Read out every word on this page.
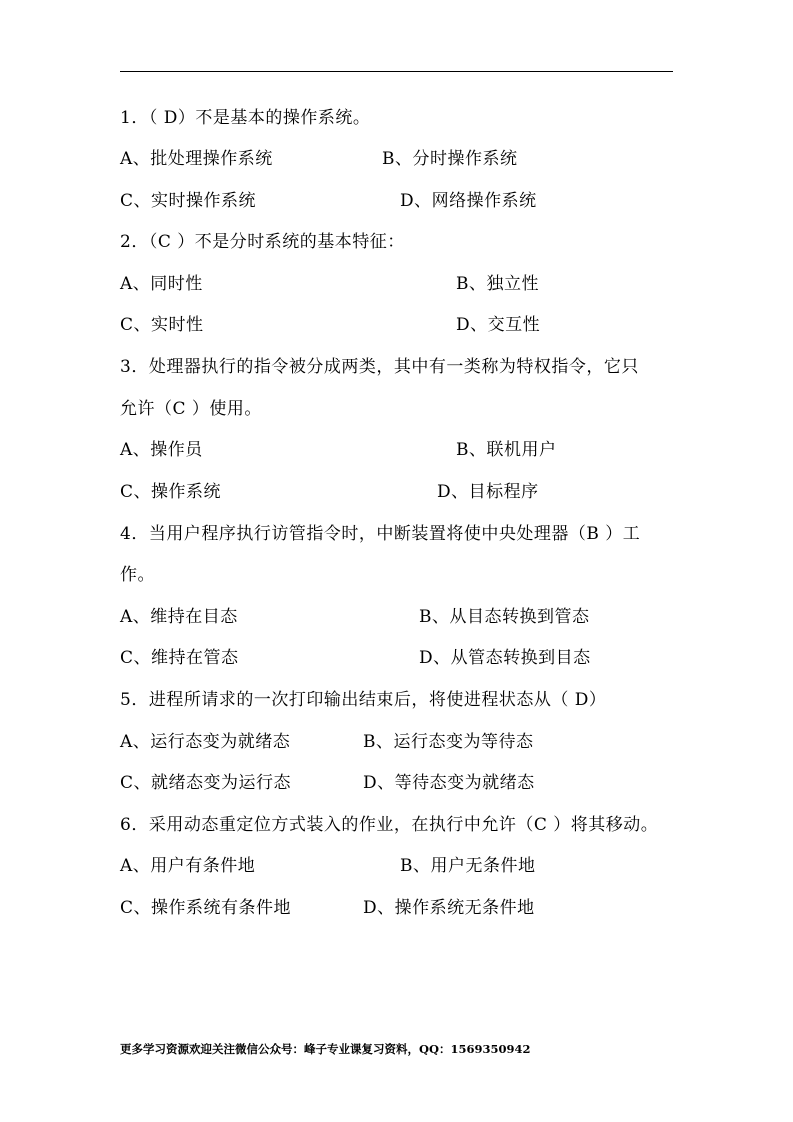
1．（ D）不是基本的操作系统。
A、批处理操作系统	B、分时操作系统
C、实时操作系统	D、网络操作系统
2．（C ）不是分时系统的基本特征：
A、同时性	B、独立性
C、实时性	D、交互性
3．处理器执行的指令被分成两类，其中有一类称为特权指令，它只
允许（C ）使用。
A、操作员	B、联机用户
C、操作系统	D、目标程序
4．当用户程序执行访管指令时，中断装置将使中央处理器（B ）工
作。
A、维持在目态	B、从目态转换到管态
C、维持在管态	D、从管态转换到目态
5．进程所请求的一次打印输出结束后，将使进程状态从（ D）
A、运行态变为就绪态	B、运行态变为等待态
C、就绪态变为运行态	D、等待态变为就绪态
6．采用动态重定位方式装入的作业，在执行中允许（C ）将其移动。
A、用户有条件地	B、用户无条件地
C、操作系统有条件地	D、操作系统无条件地
更多学习资源欢迎关注微信公众号：峰子专业课复习资料，QQ：1569350942
